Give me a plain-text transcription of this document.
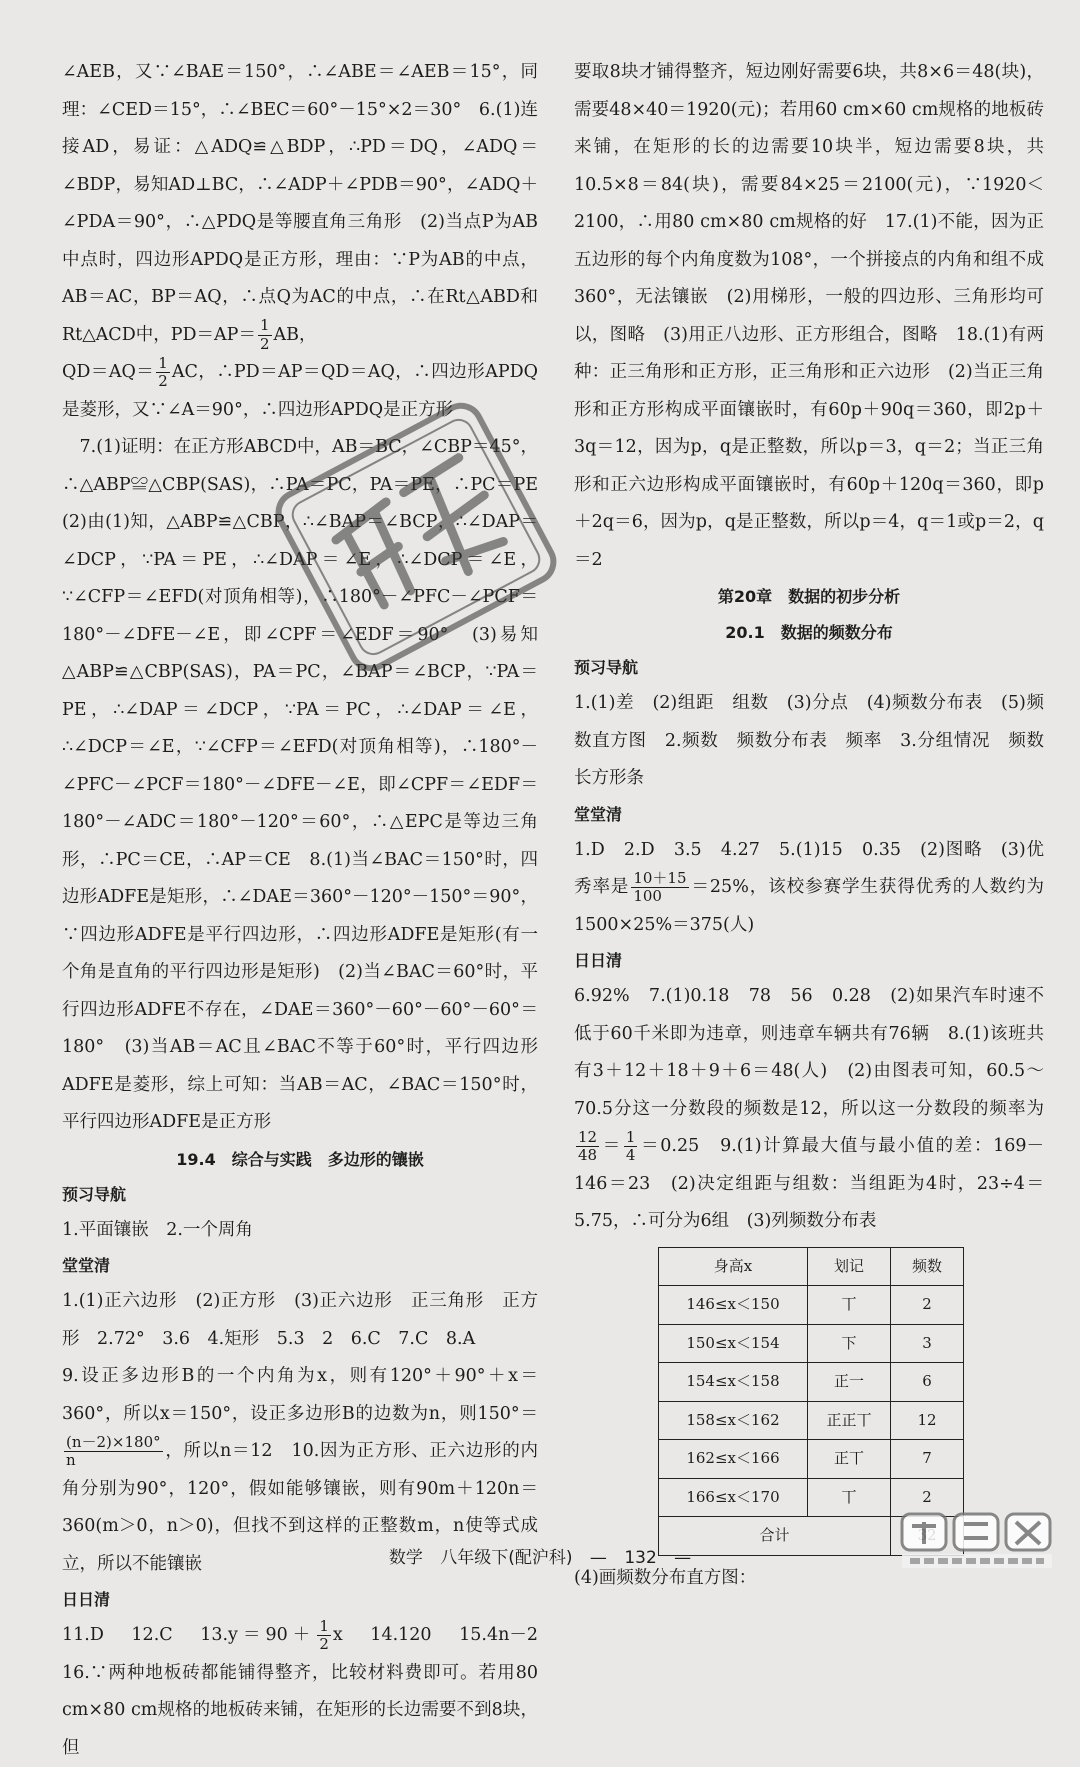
∠AEB，又∵∠BAE＝150°，∴∠ABE＝∠AEB＝15°，同理：∠CED＝15°，∴∠BEC＝60°－15°×2＝30°　6.(1)连接AD，易证：△ADQ≌△BDP，∴PD＝DQ，∠ADQ＝∠BDP，易知AD⊥BC，∴∠ADP＋∠PDB＝90°，∠ADQ＋∠PDA＝90°，∴△PDQ是等腰直角三角形　(2)当点P为AB中点时，四边形APDQ是正方形，理由：∵P为AB的中点，AB＝AC，BP＝AQ，∴点Q为AC的中点，∴在Rt△ABD和Rt△ACD中，$PD=AP= \frac{1}{2}$ AB，

$QD=AQ= \frac{1}{2}$ AC，∴PD＝AP＝QD＝AQ，∴四边形APDQ是菱形，又∵∠A＝90°，∴四边形APDQ是正方形

7.(1)证明：在正方形ABCD中，AB＝BC，∠CBP＝45°，∴△ABP≌△CBP(SAS)，∴PA＝PC，PA＝PE，∴PC＝PE　(2)由(1)知，△ABP≌△CBP，∴∠BAP＝∠BCP，∴∠DAP＝∠DCP，∵PA＝PE，∴∠DAP＝∠E，∴∠DCP＝∠E，∵∠CFP＝∠EFD(对顶角相等)，∴180°－∠PFC－∠PCF＝180°－∠DFE－∠E，即∠CPF＝∠EDF＝90°　(3)易知△ABP≌△CBP(SAS)，PA＝PC，∠BAP＝∠BCP，∵PA＝PE，∴∠DAP＝∠DCP，∵PA＝PC，∴∠DAP＝∠E，∴∠DCP＝∠E，∵∠CFP＝∠EFD(对顶角相等)，∴180°－∠PFC－∠PCF＝180°－∠DFE－∠E，即∠CPF＝∠EDF＝180°－∠ADC＝180°－120°＝60°，∴△EPC是等边三角形，∴PC＝CE，∴AP＝CE　8.(1)当∠BAC＝150°时，四边形ADFE是矩形，∴∠DAE＝360°－120°－150°＝90°，∵四边形ADFE是平行四边形，∴四边形ADFE是矩形(有一个角是直角的平行四边形是矩形)　(2)当∠BAC＝60°时，平行四边形ADFE不存在，∠DAE＝360°－60°－60°－60°＝180°　(3)当AB＝AC且∠BAC不等于60°时，平行四边形ADFE是菱形，综上可知：当AB＝AC，∠BAC＝150°时，平行四边形ADFE是正方形

19.4　综合与实践　多边形的镶嵌

预习导航

1.平面镶嵌　2.一个周角

堂堂清

1.(1)正六边形　(2)正方形　(3)正六边形　正三角形　正方形　2.72°　3.6　4.矩形　5.3　2　6.C　7.C　8.A

9.设正多边形B的一个内角为x，则有120°＋90°＋x＝360°，所以x＝150°，设正多边形B的边数为n，则150°＝
$\frac{(n-2)\times 180^\circ}{n}$ ，所以n＝12　10.因为正方形、正六边形的内角分别为90°，120°，假如能够镶嵌，则有90m＋120n＝360(m＞0，n＞0)，但找不到这样的正整数m，n使等式成立，所以不能镶嵌

日日清

11.D　12.C　$13.y=90+ \frac{1}{2}$ x　14.120　15.4n－2　16.∵两种地板砖都能铺得整齐，比较材料费即可。若用80 cm×80 cm规格的地板砖来铺，在矩形的长边需要不到8块，但

要取8块才铺得整齐，短边刚好需要6块，共8×6＝48(块)，需要48×40＝1920(元)；若用60 cm×60 cm规格的地板砖来铺，在矩形的长的边需要10块半，短边需要8块，共10.5×8＝84(块)，需要84×25＝2100(元)，∵1920＜2100，∴用80 cm×80 cm规格的好　17.(1)不能，因为正五边形的每个内角度数为108°，一个拼接点的内角和组不成360°，无法镶嵌　(2)用梯形，一般的四边形、三角形均可以，图略　(3)用正八边形、正方形组合，图略　18.(1)有两种：正三角形和正方形，正三角形和正六边形　(2)当正三角形和正方形构成平面镶嵌时，有60p＋90q＝360，即2p＋3q＝12，因为p，q是正整数，所以p＝3，q＝2；当正三角形和正六边形构成平面镶嵌时，有60p＋120q＝360，即p＋2q＝6，因为p，q是正整数，所以p＝4，q＝1或p＝2，q＝2

第20章　数据的初步分析
20.1　数据的频数分布

预习导航

1.(1)差　(2)组距　组数　(3)分点　(4)频数分布表　(5)频数直方图　2.频数　频数分布表　频率　3.分组情况　频数　长方形条

堂堂清

1.D　2.D　3.5　4.27　5.(1)15　0.35　(2)图略　(3)优秀率是 $\frac{10+15}{100} =25\%$，该校参赛学生获得优秀的人数约为1500×25%＝375(人)

日日清

6.92%　7.(1)0.18　78　56　0.28　(2)如果汽车时速不低于60千米即为违章，则违章车辆共有76辆　8.(1)该班共有3＋12＋18＋9＋6＝48(人)　(2)由图表可知，60.5～70.5分这一分数段的频数是12，所以这一分数段的频率为
$\frac{12}{48} = \frac{1}{4} =0.25$　9.(1)计算最大值与最小值的差：169－146＝23　(2)决定组距与组数：当组距为4时，23÷4＝5.75，∴可分为6组　(3)列频数分布表

身高x	划记	频数
146≤x＜150	丅	2
150≤x＜154	下	3
154≤x＜158	正一	6
158≤x＜162	正正丅	12
162≤x＜166	正丅	7
166≤x＜170	丅	2
合计	

(4)画频数分布直方图：

数学 八年级下(配沪科) — 132 —
